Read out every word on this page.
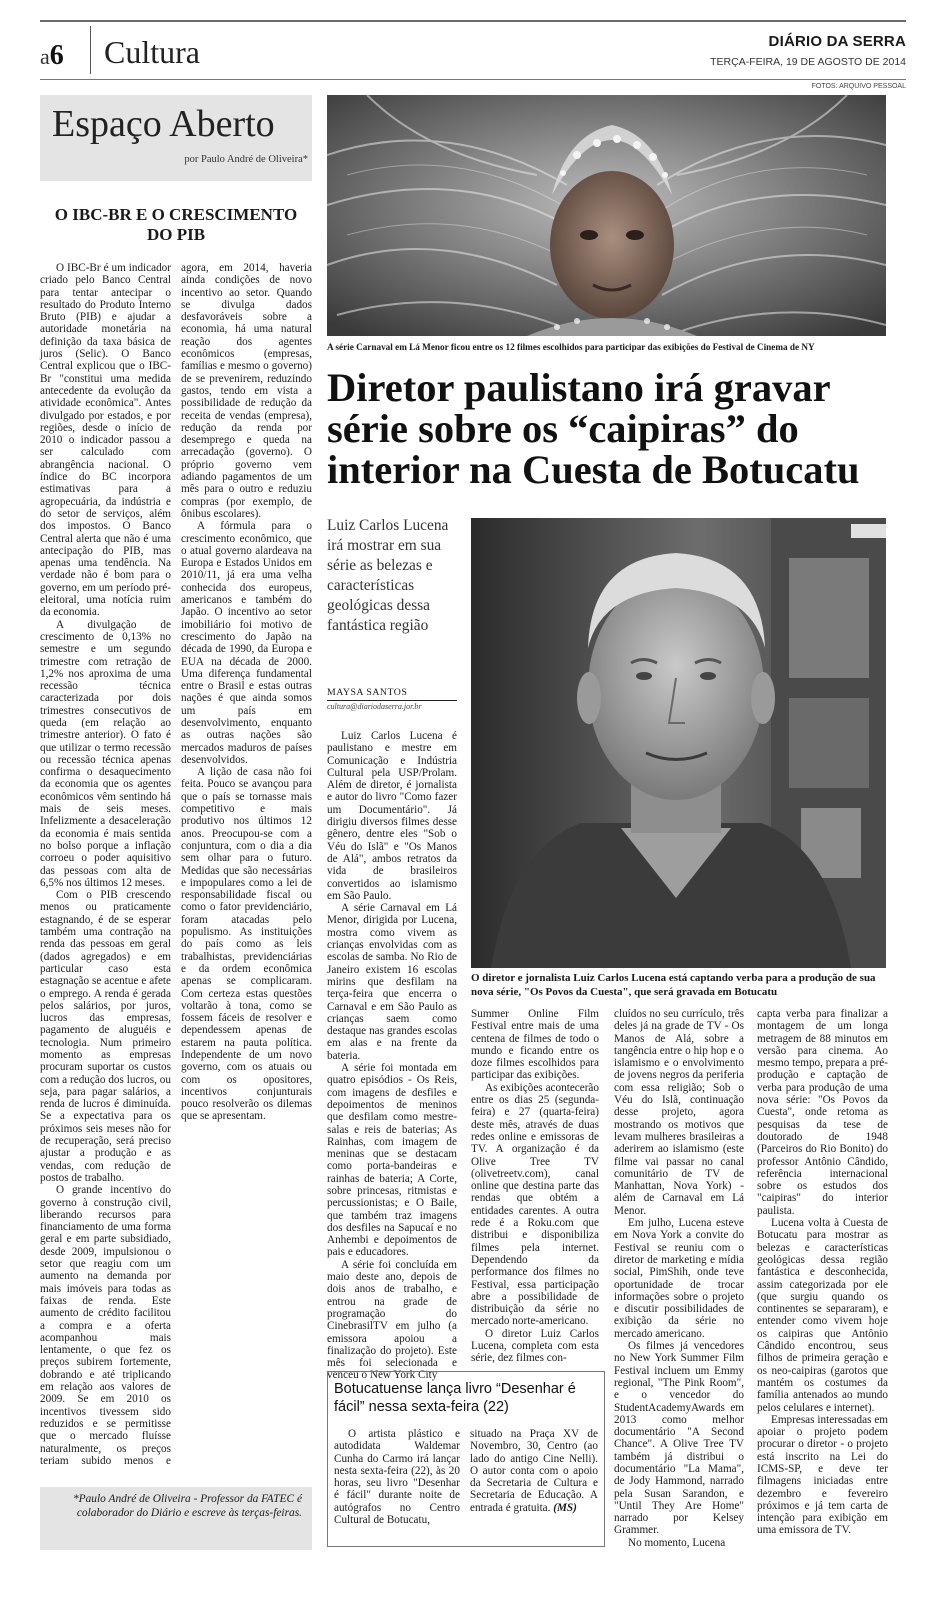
a6 Cultura	DIÁRIO DA SERRA
TERÇA-FEIRA, 19 DE AGOSTO DE 2014
FOTOS: ARQUIVO PESSOAL
Espaço Aberto
por Paulo André de Oliveira*
O IBC-BR E O CRESCIMENTO DO PIB

O IBC-Br é um indicador criado pelo Banco Central para tentar antecipar o resultado do Produto Interno Bruto (PIB) e ajudar a autoridade monetária na definição da taxa básica de juros (Selic). O Banco Central explicou que o IBC-Br "constitui uma medida antecedente da evolução da atividade econômica". Antes divulgado por estados, e por regiões, desde o início de 2010 o indicador passou a ser calculado com abrangência nacional. O índice do BC incorpora estimativas para a agropecuária, da indústria e do setor de serviços, além dos impostos. O Banco Central alerta que não é uma antecipação do PIB, mas apenas uma tendência. Na verdade não é bom para o governo, em um período pré-eleitoral, uma notícia ruim da economia.

A divulgação de crescimento de 0,13% no semestre e um segundo trimestre com retração de 1,2% nos aproxima de uma recessão técnica caracterizada por dois trimestres consecutivos de queda (em relação ao trimestre anterior). O fato é que utilizar o termo recessão ou recessão técnica apenas confirma o desaquecimento da economia que os agentes econômicos vêm sentindo há mais de seis meses. Infelizmente a desaceleração da economia é mais sentida no bolso porque a inflação corroeu o poder aquisitivo das pessoas com alta de 6,5% nos últimos 12 meses.

Com o PIB crescendo menos ou praticamente estagnando, é de se esperar também uma contração na renda das pessoas em geral (dados agregados) e em particular caso esta estagnação se acentue e afete o emprego. A renda é gerada pelos salários, por juros, lucros das empresas, pagamento de aluguéis e tecnologia. Num primeiro momento as empresas procuram suportar os custos com a redução dos lucros, ou seja, para pagar salários, a renda de lucros é diminuída. Se a expectativa para os próximos seis meses não for de recuperação, será preciso ajustar a produção e as vendas, com redução de postos de trabalho.

O grande incentivo do governo à construção civil, liberando recursos para financiamento de uma forma geral e em parte subsidiado, desde 2009, impulsionou o setor que reagiu com um aumento na demanda por mais imóveis para todas as faixas de renda. Este aumento de crédito facilitou a compra e a oferta acompanhou mais lentamente, o que fez os preços subirem fortemente, dobrando e até triplicando em relação aos valores de 2009. Se em 2010 os incentivos tivessem sido reduzidos e se permitisse que o mercado fluísse naturalmente, os preços teriam subido menos e agora, em 2014, haveria ainda condições de novo incentivo ao setor. Quando se divulga dados desfavoráveis sobre a economia, há uma natural reação dos agentes econômicos (empresas, famílias e mesmo o governo) de se prevenirem, reduzindo gastos, tendo em vista a possibilidade de redução da receita de vendas (empresa), redução da renda por desemprego e queda na arrecadação (governo). O próprio governo vem adiando pagamentos de um mês para o outro e reduziu compras (por exemplo, de ônibus escolares).

A fórmula para o crescimento econômico, que o atual governo alardeava na Europa e Estados Unidos em 2010/11, já era uma velha conhecida dos europeus, americanos e também do Japão. O incentivo ao setor imobiliário foi motivo de crescimento do Japão na década de 1990, da Europa e EUA na década de 2000. Uma diferença fundamental entre o Brasil e estas outras nações é que ainda somos um país em desenvolvimento, enquanto as outras nações são mercados maduros de países desenvolvidos.

A lição de casa não foi feita. Pouco se avançou para que o país se tornasse mais competitivo e mais produtivo nos últimos 12 anos. Preocupou-se com a conjuntura, com o dia a dia sem olhar para o futuro. Medidas que são necessárias e impopulares como a lei de responsabilidade fiscal ou como o fator previdenciário, foram atacadas pelo populismo. As instituições do país como as leis trabalhistas, previdenciárias e da ordem econômica apenas se complicaram. Com certeza estas questões voltarão à tona, como se fossem fáceis de resolver e dependessem apenas de estarem na pauta política. Independente de um novo governo, com os atuais ou com os opositores, incentivos conjunturais pouco resolverão os dilemas que se apresentam.

*Paulo André de Oliveira - Professor da FATEC é colaborador do Diário e escreve às terças-feiras.
A série Carnaval em Lá Menor ficou entre os 12 filmes escolhidos para participar das exibições do Festival de Cinema de NY
Diretor paulistano irá gravar série sobre os “caipiras” do interior na Cuesta de Botucatu
Luiz Carlos Lucena irá mostrar em sua série as belezas e características geológicas dessa fantástica região
MAYSA SANTOS
cultura@diariodaserra.jor.br
O diretor e jornalista Luiz Carlos Lucena está captando verba para a produção de sua nova série, "Os Povos da Cuesta", que será gravada em Botucatu

Luiz Carlos Lucena é paulistano e mestre em Comunicação e Indústria Cultural pela USP/Prolam. Além de diretor, é jornalista e autor do livro "Como fazer um Documentário". Já dirigiu diversos filmes desse gênero, dentre eles "Sob o Véu do Islã" e "Os Manos de Alá", ambos retratos da vida de brasileiros convertidos ao islamismo em São Paulo.

A série Carnaval em Lá Menor, dirigida por Lucena, mostra como vivem as crianças envolvidas com as escolas de samba. No Rio de Janeiro existem 16 escolas mirins que desfilam na terça-feira que encerra o Carnaval e em São Paulo as crianças saem como destaque nas grandes escolas em alas e na frente da bateria.

A série foi montada em quatro episódios - Os Reis, com imagens de desfiles e depoimentos de meninos que desfilam como mestre-salas e reis de baterias; As Rainhas, com imagem de meninas que se destacam como porta-bandeiras e rainhas de bateria; A Corte, sobre princesas, ritmistas e percussionistas; e O Baile, que também traz imagens dos desfiles na Sapucaí e no Anhembi e depoimentos de pais e educadores.

A série foi concluída em maio deste ano, depois de dois anos de trabalho, e entrou na grade de programação do CinebrasilTV em julho (a emissora apoiou a finalização do projeto). Este mês foi selecionada e venceu o New York City

Summer Online Film Festival entre mais de uma centena de filmes de todo o mundo e ficando entre os doze filmes escolhidos para participar das exibições.

As exibições acontecerão entre os dias 25 (segunda-feira) e 27 (quarta-feira) deste mês, através de duas redes online e emissoras de TV. A organização é da Olive Tree TV (olivetreetv.com), canal online que destina parte das rendas que obtém a entidades carentes. A outra rede é a Roku.com que distribui e disponibiliza filmes pela internet. Dependendo da performance dos filmes no Festival, essa participação abre a possibilidade de distribuição da série no mercado norte-americano.

O diretor Luiz Carlos Lucena, completa com esta série, dez filmes con-

cluídos no seu currículo, três deles já na grade de TV - Os Manos de Alá, sobre a tangência entre o hip hop e o islamismo e o envolvimento de jovens negros da periferia com essa religião; Sob o Véu do Islã, continuação desse projeto, agora mostrando os motivos que levam mulheres brasileiras a aderirem ao islamismo (este filme vai passar no canal comunitário de TV de Manhattan, Nova York) - além de Carnaval em Lá Menor.

Em julho, Lucena esteve em Nova York a convite do Festival se reuniu com o diretor de marketing e mídia social, PimShih, onde teve oportunidade de trocar informações sobre o projeto e discutir possibilidades de exibição da série no mercado americano.

Os filmes já vencedores no New York Summer Film Festival incluem um Emmy regional, "The Pink Room", e o vencedor do StudentAcademyAwards em 2013 como melhor documentário "A Second Chance". A Olive Tree TV também já distribui o documentário "La Mama", de Jody Hammond, narrado pela Susan Sarandon, e "Until They Are Home" narrado por Kelsey Grammer.

No momento, Lucena

capta verba para finalizar a montagem de um longa metragem de 88 minutos em versão para cinema. Ao mesmo tempo, prepara a pré-produção e captação de verba para produção de uma nova série: "Os Povos da Cuesta", onde retoma as pesquisas da tese de doutorado de 1948 (Parceiros do Rio Bonito) do professor Antônio Cândido, referência internacional sobre os estudos dos "caipiras" do interior paulista.

Lucena volta à Cuesta de Botucatu para mostrar as belezas e características geológicas dessa região fantástica e desconhecida, assim categorizada por ele (que surgiu quando os continentes se separaram), e entender como vivem hoje os caipiras que Antônio Cândido encontrou, seus filhos de primeira geração e os neo-caipiras (garotos que mantém os costumes da família antenados ao mundo pelos celulares e internet).

Empresas interessadas em apoiar o projeto podem procurar o diretor - o projeto está inscrito na Lei do ICMS-SP, e deve ter filmagens iniciadas entre dezembro e fevereiro próximos e já tem carta de intenção para exibição em uma emissora de TV.

Botucatuense lança livro “Desenhar é fácil” nessa sexta-feira (22)

O artista plástico e autodidata Waldemar Cunha do Carmo irá lançar nesta sexta-feira (22), às 20 horas, seu livro "Desenhar é fácil" durante noite de autógrafos no Centro Cultural de Botucatu,

situado na Praça XV de Novembro, 30, Centro (ao lado do antigo Cine Nelli). O autor conta com o apoio da Secretaria de Cultura e Secretaria de Educação. A entrada é gratuita. (MS)
